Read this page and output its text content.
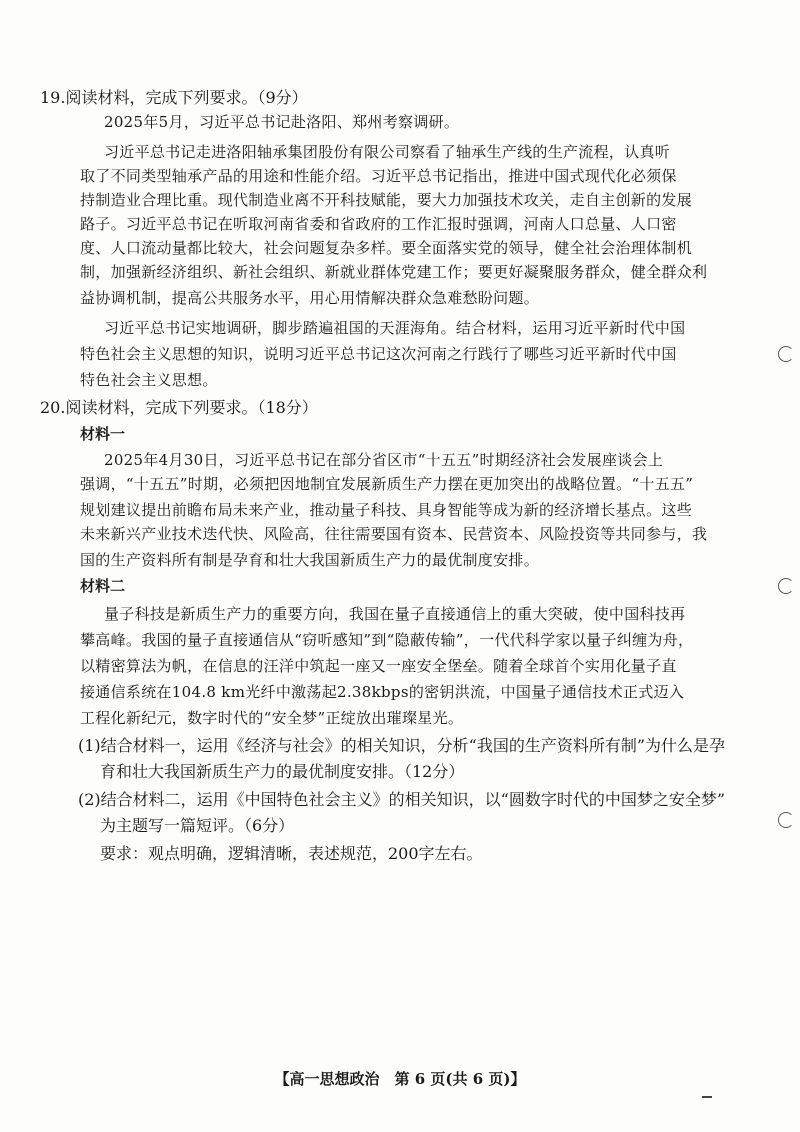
19.阅读材料，完成下列要求。（9分）
2025年5月，习近平总书记赴洛阳、郑州考察调研。
习近平总书记走进洛阳轴承集团股份有限公司察看了轴承生产线的生产流程，认真听
取了不同类型轴承产品的用途和性能介绍。习近平总书记指出，推进中国式现代化必须保
持制造业合理比重。现代制造业离不开科技赋能，要大力加强技术攻关，走自主创新的发展
路子。习近平总书记在听取河南省委和省政府的工作汇报时强调，河南人口总量、人口密
度、人口流动量都比较大，社会问题复杂多样。要全面落实党的领导，健全社会治理体制机
制，加强新经济组织、新社会组织、新就业群体党建工作；要更好凝聚服务群众，健全群众利
益协调机制，提高公共服务水平，用心用情解决群众急难愁盼问题。
习近平总书记实地调研，脚步踏遍祖国的天涯海角。结合材料，运用习近平新时代中国
特色社会主义思想的知识，说明习近平总书记这次河南之行践行了哪些习近平新时代中国
特色社会主义思想。
20.阅读材料，完成下列要求。（18分）
材料一
2025年4月30日，习近平总书记在部分省区市“十五五”时期经济社会发展座谈会上
强调，“十五五”时期，必须把因地制宜发展新质生产力摆在更加突出的战略位置。“十五五”
规划建议提出前瞻布局未来产业，推动量子科技、具身智能等成为新的经济增长基点。这些
未来新兴产业技术迭代快、风险高，往往需要国有资本、民营资本、风险投资等共同参与，我
国的生产资料所有制是孕育和壮大我国新质生产力的最优制度安排。
材料二
量子科技是新质生产力的重要方向，我国在量子直接通信上的重大突破，使中国科技再
攀高峰。我国的量子直接通信从“窃听感知”到“隐蔽传输”，一代代科学家以量子纠缠为舟，
以精密算法为帆，在信息的汪洋中筑起一座又一座安全堡垒。随着全球首个实用化量子直
接通信系统在104.8 km光纤中激荡起2.38kbps的密钥洪流，中国量子通信技术正式迈入
工程化新纪元，数字时代的“安全梦”正绽放出璀璨星光。
(1)结合材料一，运用《经济与社会》的相关知识，分析“我国的生产资料所有制”为什么是孕
育和壮大我国新质生产力的最优制度安排。（12分）
(2)结合材料二，运用《中国特色社会主义》的相关知识，以“圆数字时代的中国梦之安全梦”
为主题写一篇短评。（6分）
要求：观点明确，逻辑清晰，表述规范，200字左右。
【高一思想政治　第 6 页(共 6 页)】
